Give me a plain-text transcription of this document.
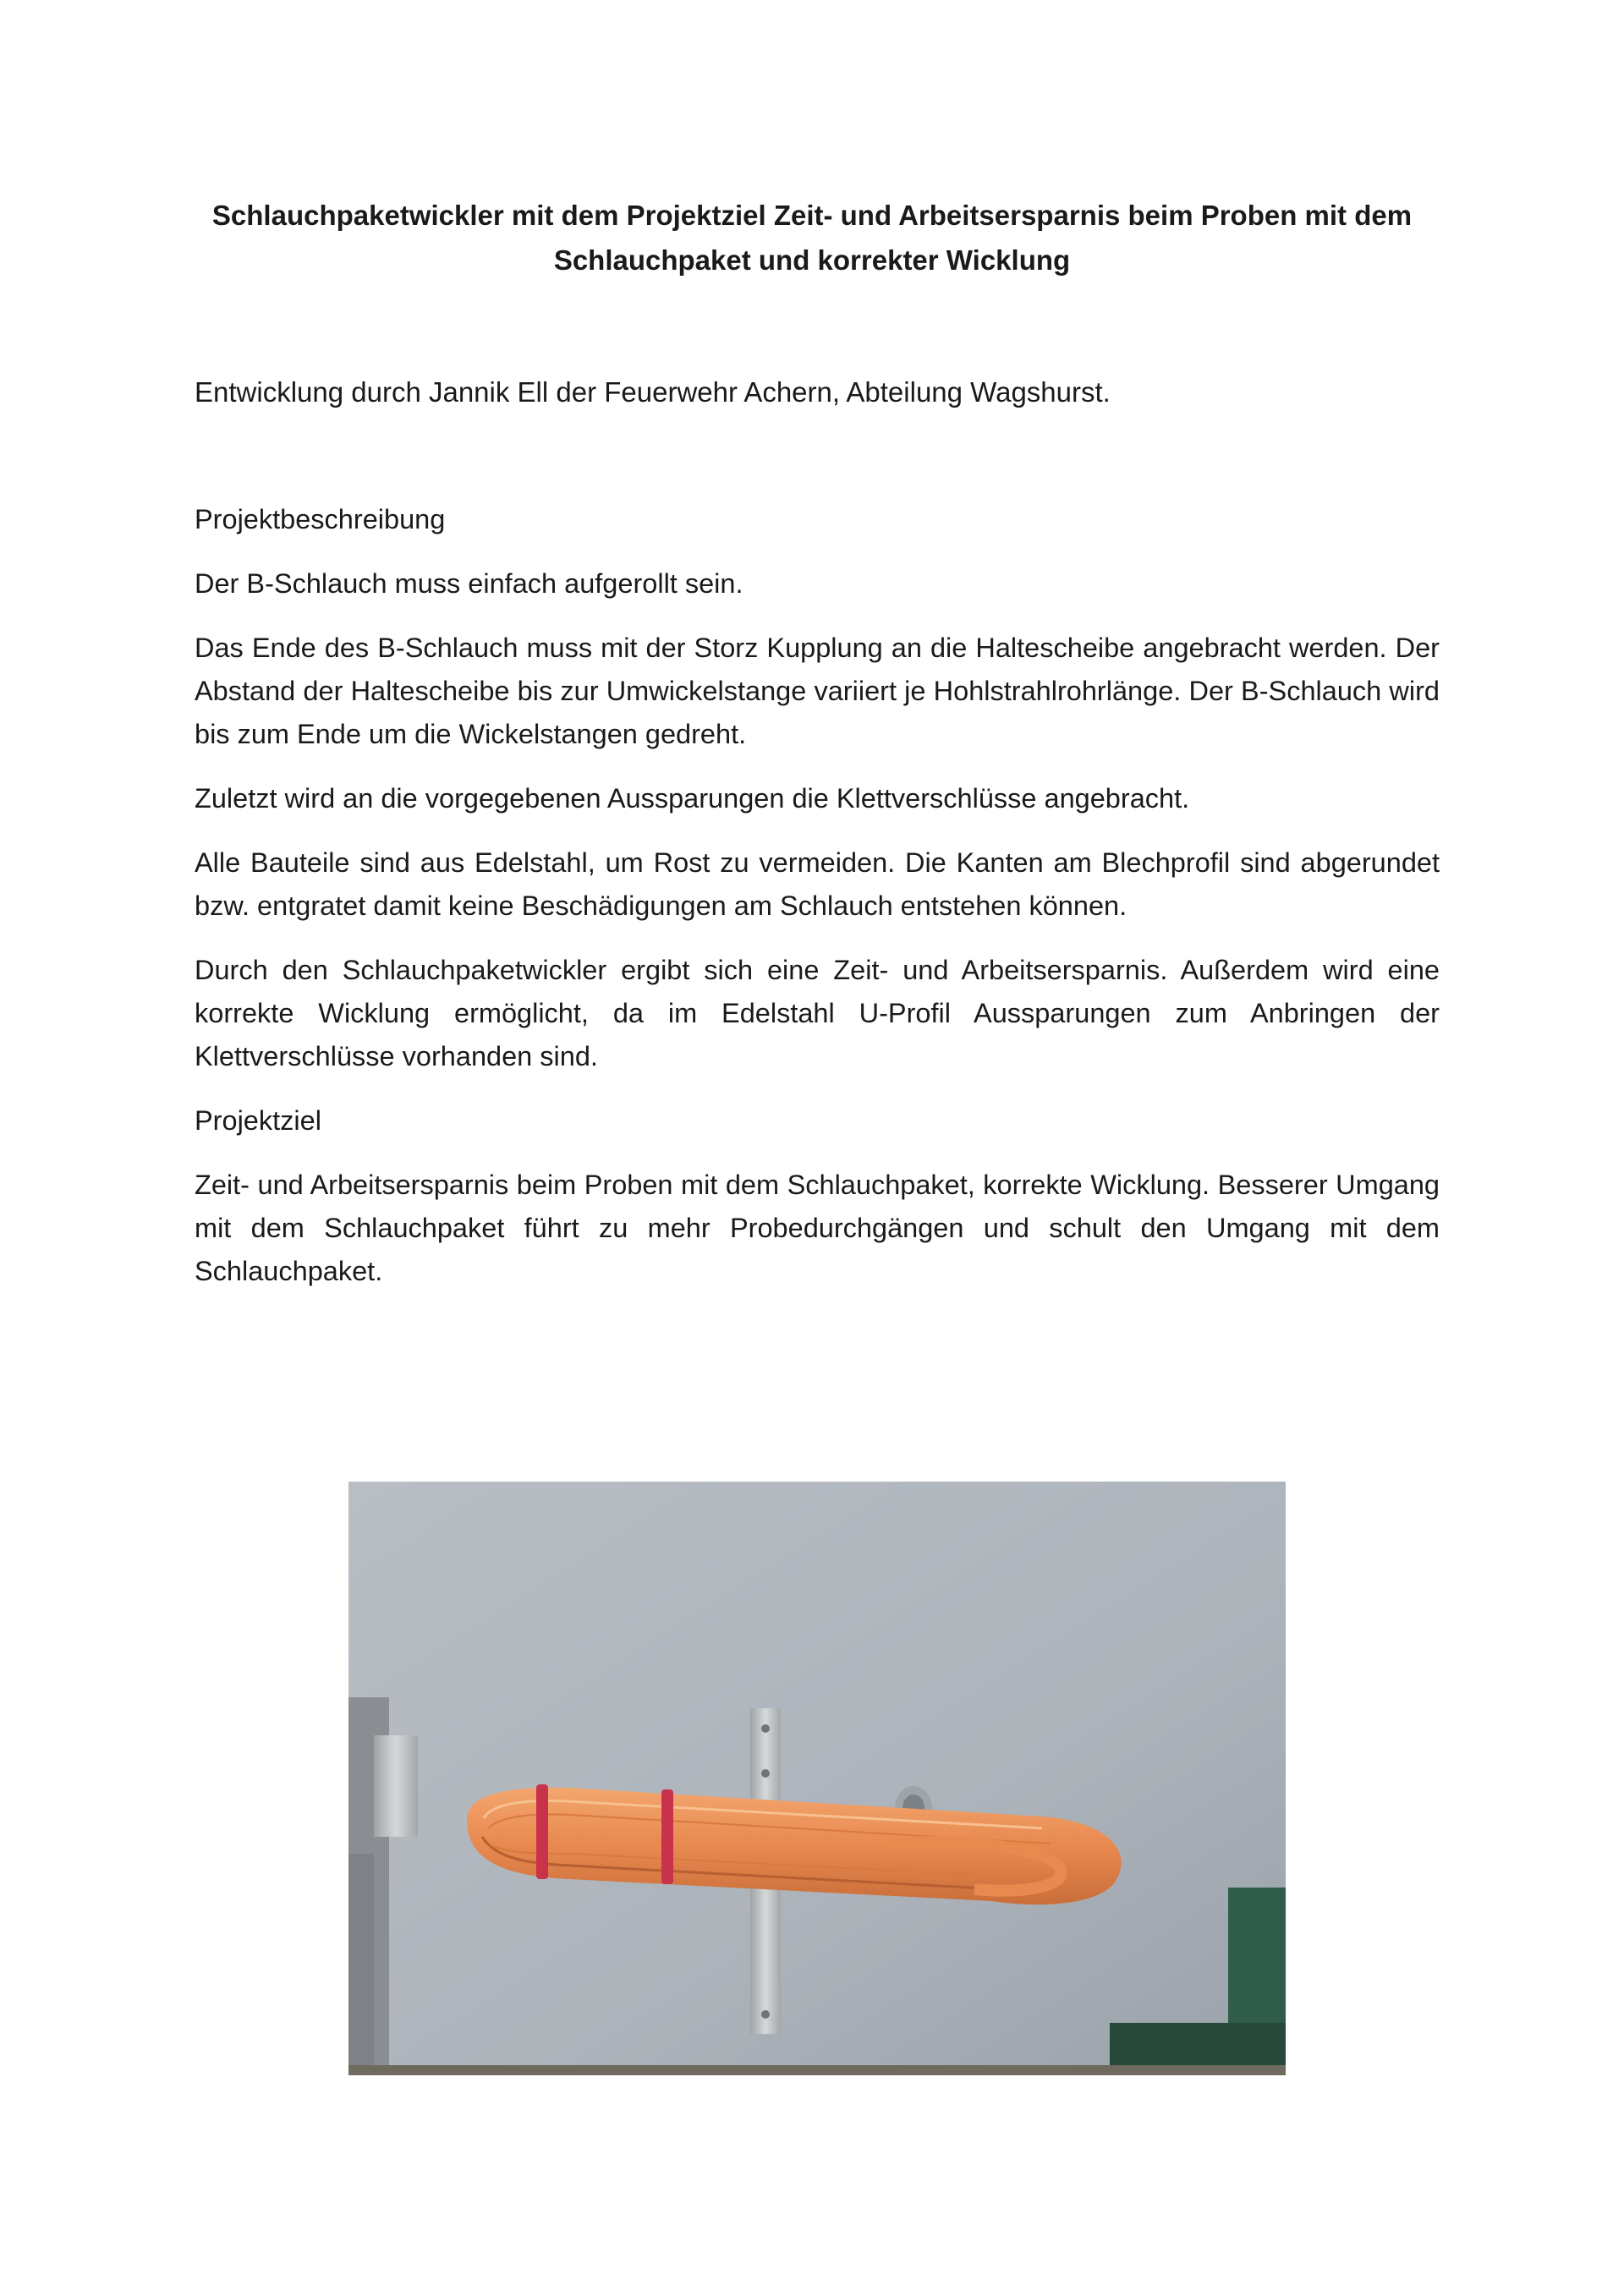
Schlauchpaketwickler mit dem Projektziel Zeit- und Arbeitsersparnis beim Proben mit dem Schlauchpaket und korrekter Wicklung

Entwicklung durch Jannik Ell der Feuerwehr Achern, Abteilung Wagshurst.

Projektbeschreibung

Der B-Schlauch muss einfach aufgerollt sein.

Das Ende des B-Schlauch muss mit der Storz Kupplung an die Haltescheibe angebracht werden. Der Abstand der Haltescheibe bis zur Umwickelstange variiert je Hohlstrahlrohrlänge. Der B-Schlauch wird bis zum Ende um die Wickelstangen gedreht.

Zuletzt wird an die vorgegebenen Aussparungen die Klettverschlüsse angebracht.

Alle Bauteile sind aus Edelstahl, um Rost zu vermeiden. Die Kanten am Blechprofil sind abgerundet bzw. entgratet damit keine Beschädigungen am Schlauch entstehen können.

Durch den Schlauchpaketwickler ergibt sich eine Zeit- und Arbeitsersparnis. Außerdem wird eine korrekte Wicklung ermöglicht, da im Edelstahl U-Profil Aussparungen zum Anbringen der Klettverschlüsse vorhanden sind.

Projektziel

Zeit- und Arbeitsersparnis beim Proben mit dem Schlauchpaket, korrekte Wicklung. Besserer Umgang mit dem Schlauchpaket führt zu mehr Probedurchgängen und schult den Umgang mit dem Schlauchpaket.
